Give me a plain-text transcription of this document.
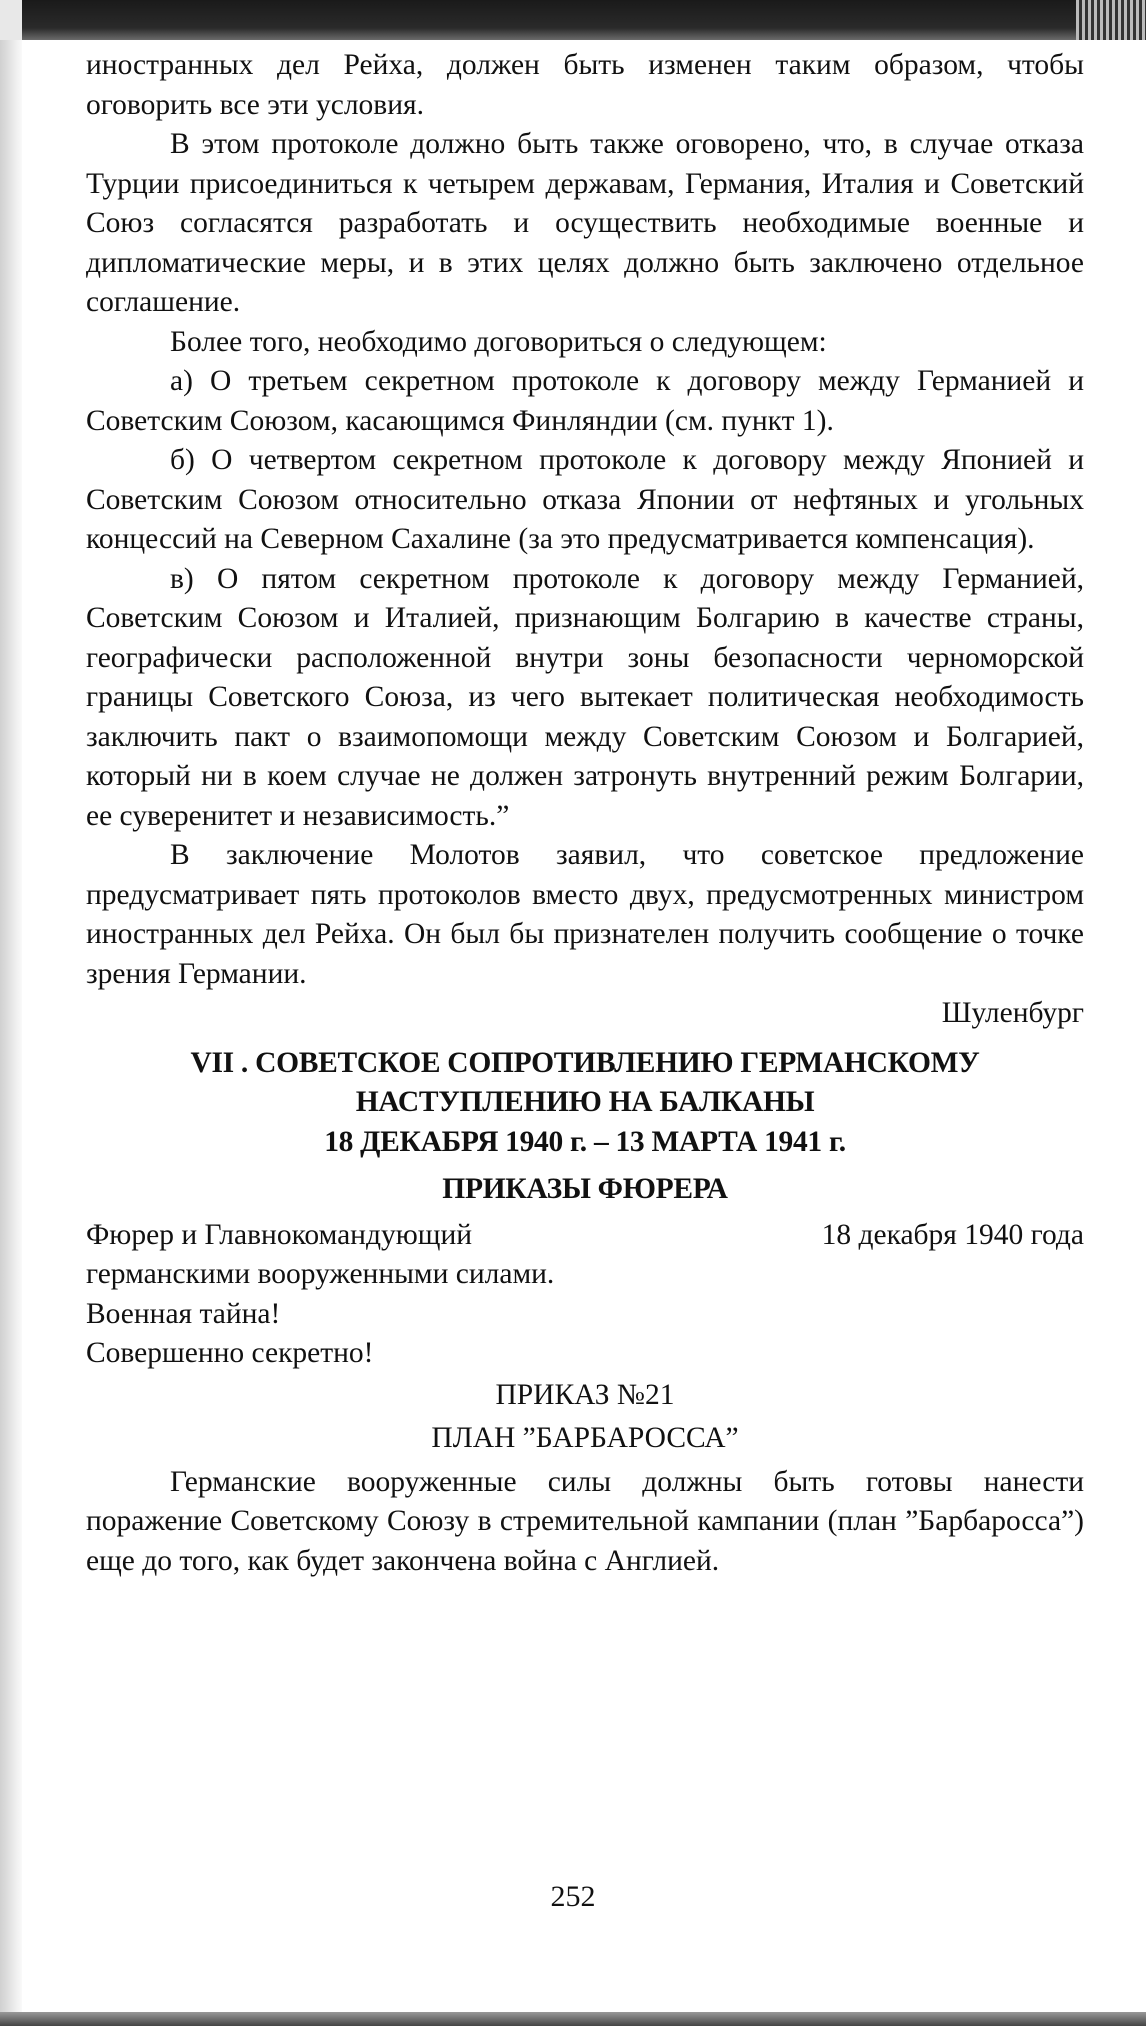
иностранных дел Рейха, должен быть изменен таким образом, чтобы оговорить все эти условия.

В этом протоколе должно быть также оговорено, что, в случае отказа Турции присоединиться к четырем державам, Германия, Италия и Советский Союз согласятся разработать и осуществить необходимые военные и дипломатические меры, и в этих целях должно быть заключено отдельное соглашение.

Более того, необходимо договориться о следующем:

а) О третьем секретном протоколе к договору между Германией и Советским Союзом, касающимся Финляндии (см. пункт 1).

б) О четвертом секретном протоколе к договору между Японией и Советским Союзом относительно отказа Японии от нефтяных и угольных концессий на Северном Сахалине (за это предусматривается компенсация).

в) О пятом секретном протоколе к договору между Германией, Советским Союзом и Италией, признающим Болгарию в качестве страны, географически расположенной внутри зоны безопасности черноморской границы Советского Союза, из чего вытекает политическая необходимость заключить пакт о взаимопомощи между Советским Союзом и Болгарией, который ни в коем случае не должен затронуть внутренний режим Болгарии, ее суверенитет и независимость.”

В заключение Молотов заявил, что советское предложение предусматривает пять протоколов вместо двух, предусмотренных министром иностранных дел Рейха. Он был бы признателен получить сообщение о точке зрения Германии.

Шуленбург

VII . СОВЕТСКОЕ СОПРОТИВЛЕНИЮ ГЕРМАНСКОМУ
НАСТУПЛЕНИЮ НА БАЛКАНЫ
18 ДЕКАБРЯ 1940 г. – 13 МАРТА 1941 г.
ПРИКАЗЫ ФЮРЕРА
Фюрер и Главнокомандующий	18 декабря 1940 года
германскими вооруженными силами.
Военная тайна!
Совершенно секретно!
ПРИКАЗ №21
ПЛАН ”БАРБАРОССА”

Германские вооруженные силы должны быть готовы нанести поражение Советскому Союзу в стремительной кампании (план ”Барбаросса”) еще до того, как будет закончена война с Англией.

252
